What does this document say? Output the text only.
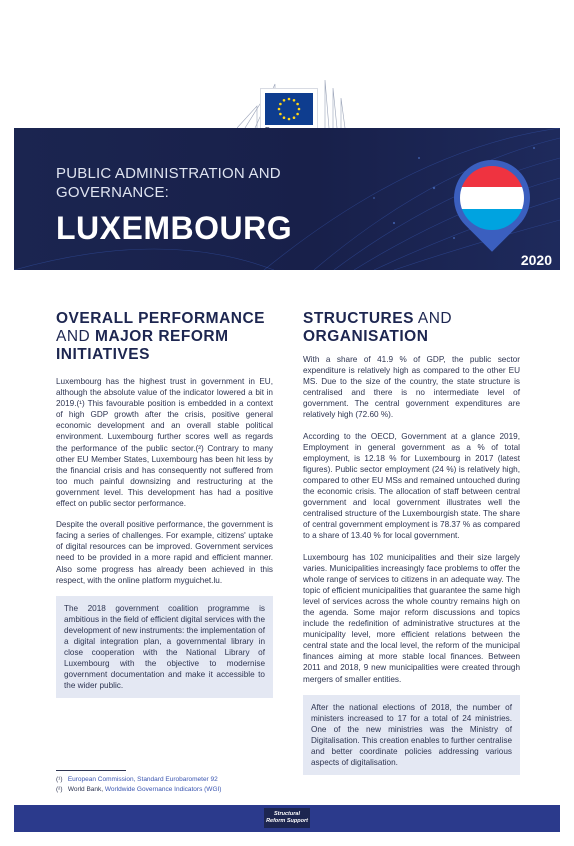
PUBLIC ADMINISTRATION AND
GOVERNANCE:
LUXEMBOURG
2020
OVERALL PERFORMANCE
AND MAJOR REFORM
INITIATIVES

Luxembourg has the highest trust in government in EU, although the absolute value of the indicator lowered a bit in 2019.(¹) This favourable position is embedded in a context of high GDP growth after the crisis, positive general economic development and an overall stable political environment. Luxembourg further scores well as regards the performance of the public sector.(²) Contrary to many other EU Member States, Luxembourg has been hit less by the financial crisis and has consequently not suffered from too much painful downsizing and restructuring at the government level. This development has had a positive effect on public sector performance.

Despite the overall positive performance, the government is facing a series of challenges. For example, citizens' uptake of digital resources can be improved. Government services need to be provided in a more rapid and efficient manner. Also some progress has already been achieved in this respect, with the online platform myguichet.lu.

The 2018 government coalition programme is ambitious in the field of efficient digital services with the development of new instruments: the implementation of a digital integration plan, a governmental library in close cooperation with the National Library of Luxembourg with the objective to modernise government documentation and make it accessible to the wider public.
STRUCTURES AND
ORGANISATION

With a share of 41.9 % of GDP, the public sector expenditure is relatively high as compared to the other EU MS. Due to the size of the country, the state structure is centralised and there is no intermediate level of government. The central government expenditures are relatively high (72.60 %).

According to the OECD, Government at a glance 2019, Employment in general government as a % of total employment, is 12.18 % for Luxembourg in 2017 (latest figures). Public sector employment (24 %) is relatively high, compared to other EU MSs and remained untouched during the economic crisis. The allocation of staff between central government and local government illustrates well the centralised structure of the Luxembourgish state. The share of central government employment is 78.37 % as compared to a share of 13.40 % for local government.

Luxembourg has 102 municipalities and their size largely varies. Municipalities increasingly face problems to offer the whole range of services to citizens in an adequate way. The topic of efficient municipalities that guarantee the same high level of services across the whole country remains high on the agenda. Some major reform discussions and topics include the redefinition of administrative structures at the municipality level, more efficient relations between the central state and the local level, the reform of the municipal finances aiming at more stable local finances. Between 2011 and 2018, 9 new municipalities were created through mergers of smaller entities.

After the national elections of 2018, the number of ministers increased to 17 for a total of 24 ministries. One of the new ministries was the Ministry of Digitalisation. This creation enables to further centralise and better coordinate policies addressing various aspects of digitalisation.
(¹) European Commission, Standard Eurobarometer 92
(²) World Bank, Worldwide Governance Indicators (WGI)
Structural
Reform Support
